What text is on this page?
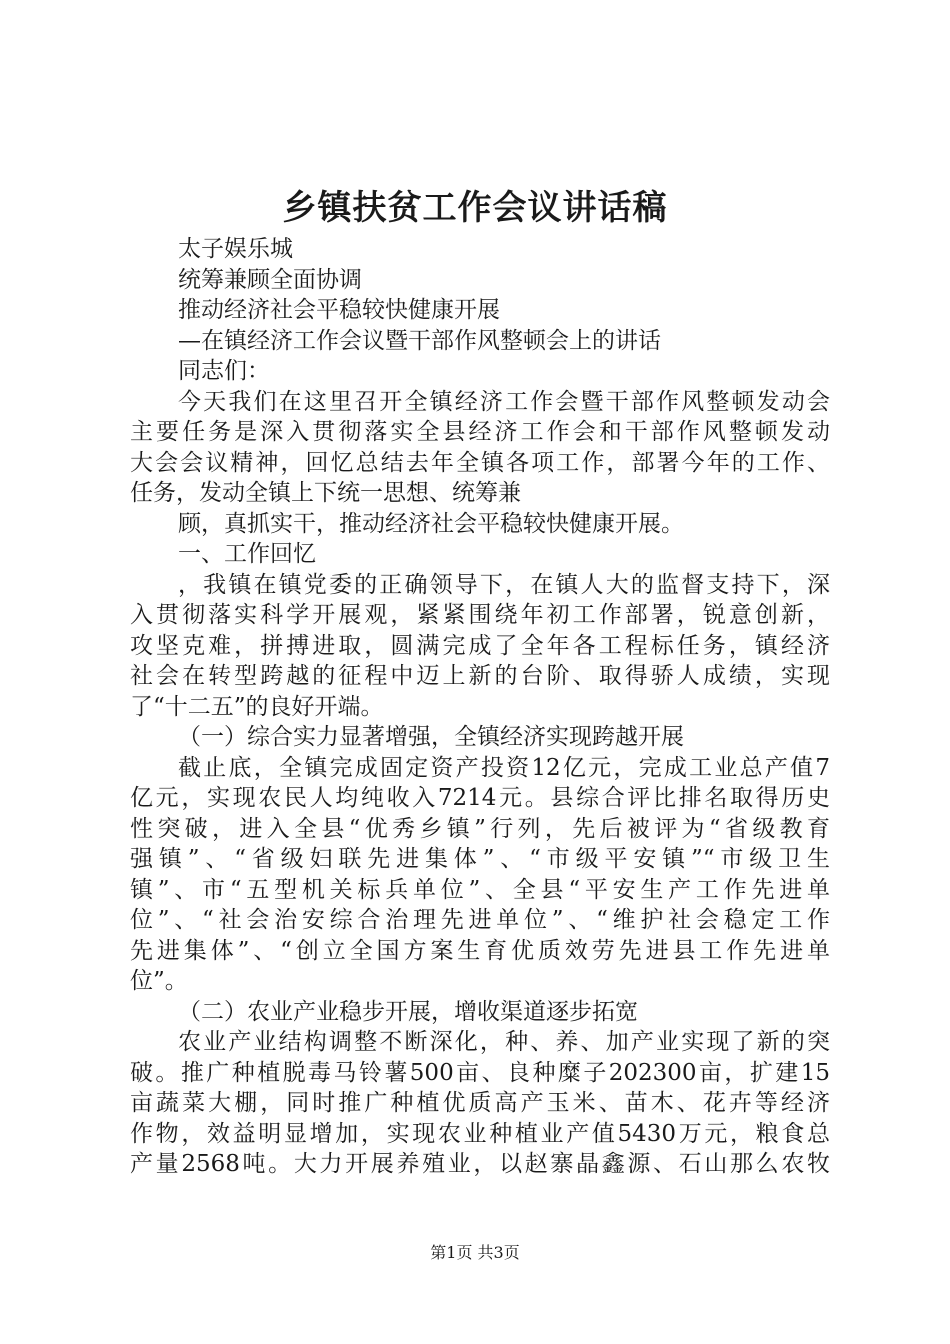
乡镇扶贫工作会议讲话稿
太子娱乐城
统筹兼顾全面协调
推动经济社会平稳较快健康开展
—在镇经济工作会议暨干部作风整顿会上的讲话
同志们：
今天我们在这里召开全镇经济工作会暨干部作风整顿发动会
主要任务是深入贯彻落实全县经济工作会和干部作风整顿发动
大会会议精神，回忆总结去年全镇各项工作，部署今年的工作、
任务，发动全镇上下统一思想、统筹兼
顾，真抓实干，推动经济社会平稳较快健康开展。
一、工作回忆
，我镇在镇党委的正确领导下，在镇人大的监督支持下，深
入贯彻落实科学开展观，紧紧围绕年初工作部署，锐意创新，
攻坚克难，拼搏进取，圆满完成了全年各工程标任务，镇经济
社会在转型跨越的征程中迈上新的台阶、取得骄人成绩，实现
了“十二五”的良好开端。
（一）综合实力显著增强，全镇经济实现跨越开展
截止底，全镇完成固定资产投资12亿元，完成工业总产值7
亿元，实现农民人均纯收入7214元。县综合评比排名取得历史
性突破，进入全县“优秀乡镇”行列，先后被评为“省级教育
强镇”、“省级妇联先进集体”、“市级平安镇”“市级卫生
镇”、市“五型机关标兵单位”、全县“平安生产工作先进单
位”、“社会治安综合治理先进单位”、“维护社会稳定工作
先进集体”、“创立全国方案生育优质效劳先进县工作先进单
位”。
（二）农业产业稳步开展，增收渠道逐步拓宽
农业产业结构调整不断深化，种、养、加产业实现了新的突
破。推广种植脱毒马铃薯500亩、良种糜子202300亩，扩建15
亩蔬菜大棚，同时推广种植优质高产玉米、苗木、花卉等经济
作物，效益明显增加，实现农业种植业产值5430万元，粮食总
产量2568吨。大力开展养殖业，以赵寨晶鑫源、石山那么农牧
第1页 共3页
